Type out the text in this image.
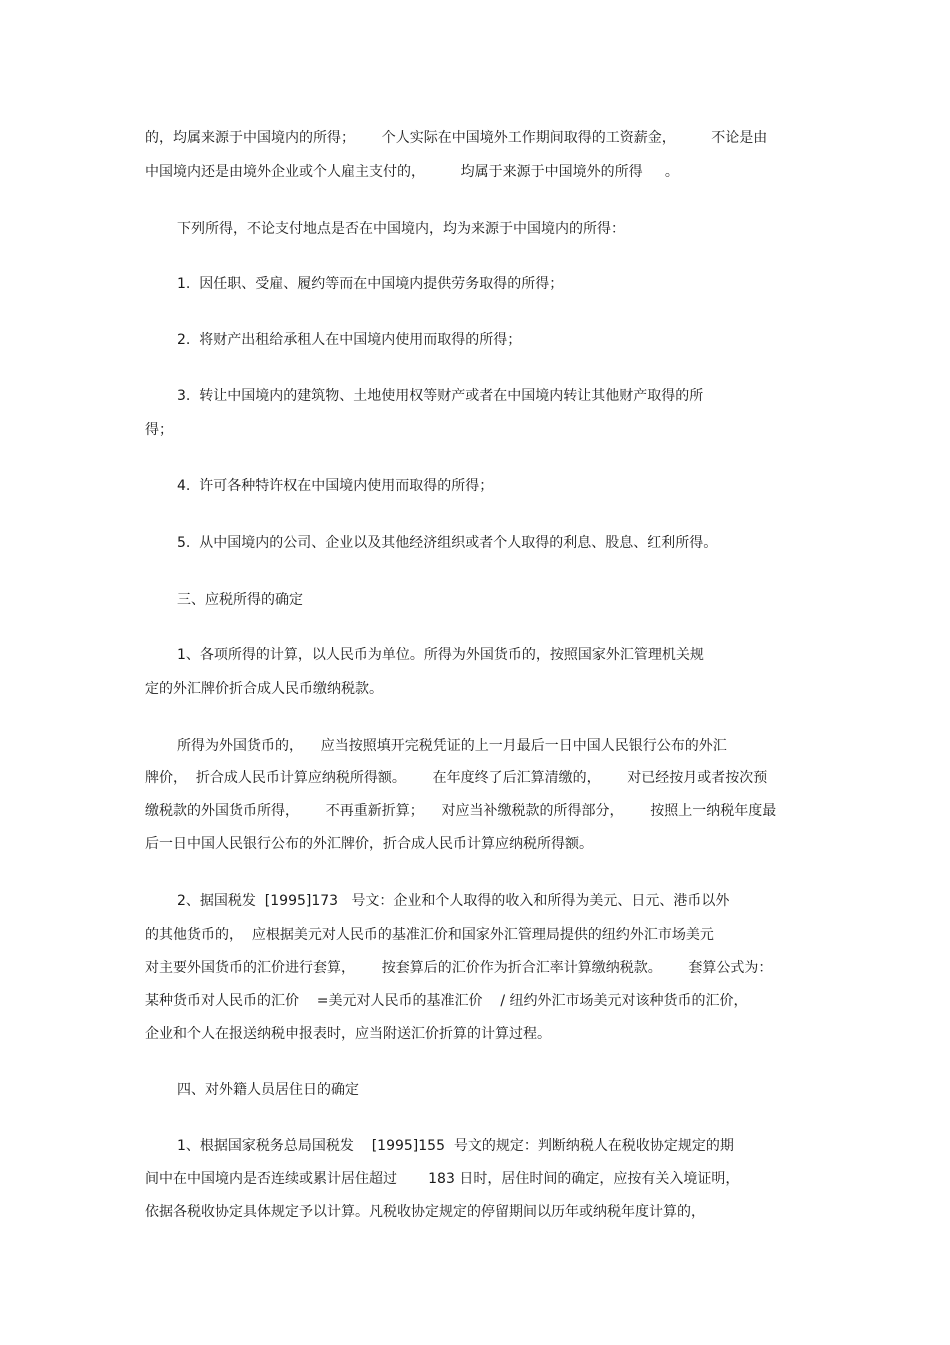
的，均属来源于中国境内的所得；      个人实际在中国境外工作期间取得的工资薪金，        不论是由

中国境内还是由境外企业或个人雇主支付的，        均属于来源于中国境外的所得     。

下列所得，不论支付地点是否在中国境内，均为来源于中国境内的所得：

1.  因任职、受雇、履约等而在中国境内提供劳务取得的所得；

2.  将财产出租给承租人在中国境内使用而取得的所得；

3.  转让中国境内的建筑物、土地使用权等财产或者在中国境内转让其他财产取得的所

得；

4.  许可各种特许权在中国境内使用而取得的所得；

5.  从中国境内的公司、企业以及其他经济组织或者个人取得的利息、股息、红利所得。

三、应税所得的确定

1、各项所得的计算，以人民币为单位。所得为外国货币的，按照国家外汇管理机关规

定的外汇牌价折合成人民币缴纳税款。

所得为外国货币的，    应当按照填开完税凭证的上一月最后一日中国人民银行公布的外汇

牌价，  折合成人民币计算应纳税所得额。      在年度终了后汇算清缴的，      对已经按月或者按次预

缴税款的外国货币所得，      不再重新折算；    对应当补缴税款的所得部分，      按照上一纳税年度最

后一日中国人民银行公布的外汇牌价，折合成人民币计算应纳税所得额。

2、据国税发  [1995]173   号文：企业和个人取得的收入和所得为美元、日元、港币以外

的其他货币的，  应根据美元对人民币的基准汇价和国家外汇管理局提供的纽约外汇市场美元

对主要外国货币的汇价进行套算，      按套算后的汇价作为折合汇率计算缴纳税款。      套算公式为：

某种货币对人民币的汇价    =美元对人民币的基准汇价    / 纽约外汇市场美元对该种货币的汇价，

企业和个人在报送纳税申报表时，应当附送汇价折算的计算过程。

四、对外籍人员居住日的确定

1、根据国家税务总局国税发    [1995]155  号文的规定：判断纳税人在税收协定规定的期

间中在中国境内是否连续或累计居住超过       183 日时，居住时间的确定，应按有关入境证明，

依据各税收协定具体规定予以计算。凡税收协定规定的停留期间以历年或纳税年度计算的，
